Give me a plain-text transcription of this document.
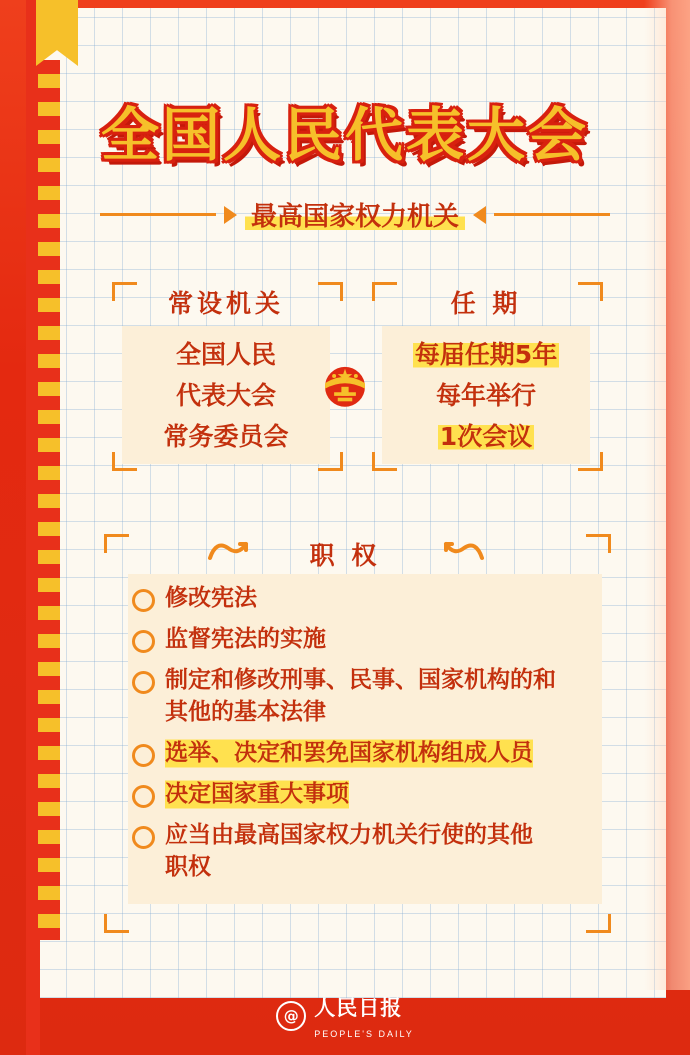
全国人民代表大会
最高国家权力机关
常设机关
全国人民
代表大会
常务委员会
任 期
每届任期5年
每年举行
1次会议
职 权
修改宪法
监督宪法的实施
制定和修改刑事、民事、国家机构的和
其他的基本法律
选举、决定和罢免国家机构组成人员
决定国家重大事项
应当由最高国家权力机关行使的其他
职权
@ 人民日报
PEOPLE'S DAILY
